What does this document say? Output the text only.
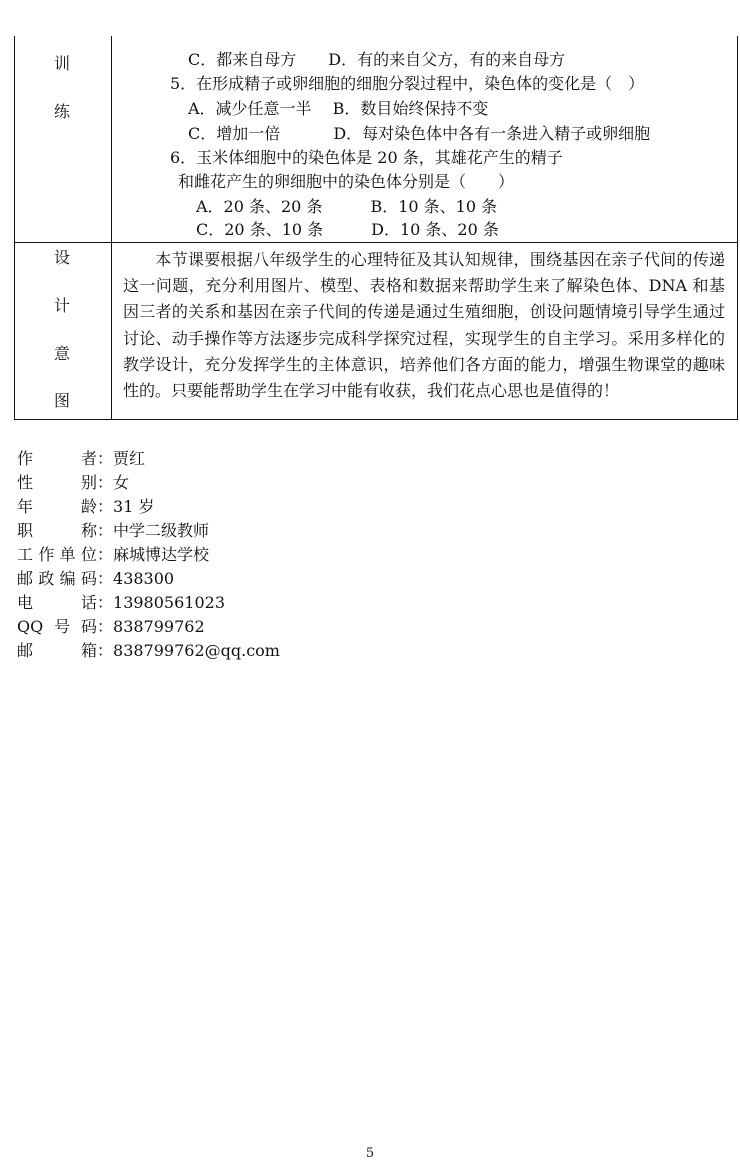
训
练
C．都来自母方　　D．有的来自父方，有的来自母方
5．在形成精子或卵细胞的细胞分裂过程中，染色体的变化是（　）
A．减少任意一半　 B．数目始终保持不变
C．增加一倍　　　 D．每对染色体中各有一条进入精子或卵细胞
6．玉米体细胞中的染色体是 20 条，其雄花产生的精子
和雌花产生的卵细胞中的染色体分别是（　　）
A．20 条、20 条　　　B．10 条、10 条
C．20 条、10 条　　　D．10 条、20 条
设
计
意
图
本节课要根据八年级学生的心理特征及其认知规律，围绕基因在亲子代间的传递这一问题，充分利用图片、模型、表格和数据来帮助学生来了解染色体、DNA 和基因三者的关系和基因在亲子代间的传递是通过生殖细胞，创设问题情境引导学生通过讨论、动手操作等方法逐步完成科学探究过程，实现学生的自主学习。采用多样化的教学设计，充分发挥学生的主体意识，培养他们各方面的能力，增强生物课堂的趣味性的。只要能帮助学生在学习中能有收获，我们花点心思也是值得的！
作者：贾红
性别：女
年龄：31 岁
职称：中学二级教师
工作单位：麻城博达学校
邮政编码：438300
电话：13980561023
QQ号码：838799762
邮箱：838799762@qq.com
5
